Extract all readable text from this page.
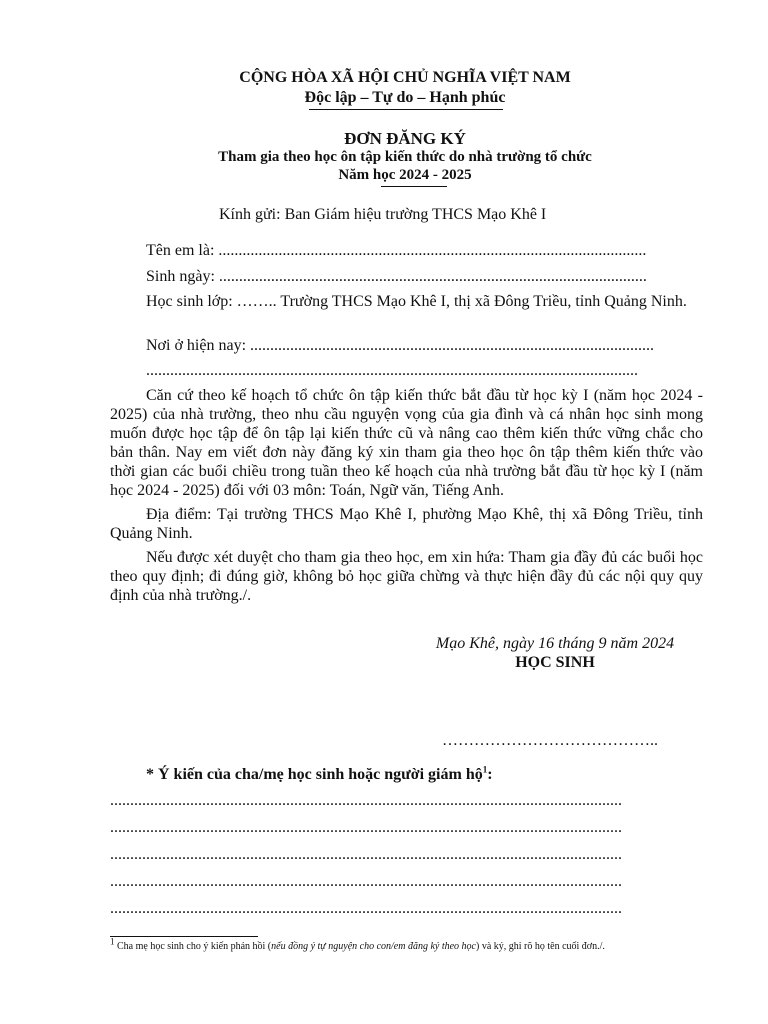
CỘNG HÒA XÃ HỘI CHỦ NGHĨA VIỆT NAM
Độc lập – Tự do – Hạnh phúc
ĐƠN ĐĂNG KÝ
Tham gia theo học ôn tập kiến thức do nhà trường tổ chức
Năm học 2024 - 2025
Kính gửi: Ban Giám hiệu trường THCS Mạo Khê I
Tên em là: ...........................................................................................................
Sinh ngày: ...........................................................................................................
Học sinh lớp: …….. Trường THCS Mạo Khê I, thị xã Đông Triều, tỉnh Quảng Ninh.
Nơi ở hiện nay: .....................................................................................................
...........................................................................................................................
Căn cứ theo kế hoạch tổ chức ôn tập kiến thức bắt đầu từ học kỳ I (năm học 2024 - 2025) của nhà trường, theo nhu cầu nguyện vọng của gia đình và cá nhân học sinh mong muốn được học tập để ôn tập lại kiến thức cũ và nâng cao thêm kiến thức vững chắc cho bản thân. Nay em viết đơn này đăng ký xin tham gia theo học ôn tập thêm kiến thức vào thời gian các buổi chiều trong tuần theo kế hoạch của nhà trường bắt đầu từ học kỳ I (năm học 2024 - 2025) đối với 03 môn: Toán, Ngữ văn, Tiếng Anh.
Địa điểm: Tại trường THCS Mạo Khê I, phường Mạo Khê, thị xã Đông Triều, tỉnh Quảng Ninh.
Nếu được xét duyệt cho tham gia theo học, em xin hứa: Tham gia đầy đủ các buổi học theo quy định; đi đúng giờ, không bỏ học giữa chừng và thực hiện đầy đủ các nội quy quy định của nhà trường./.
Mạo Khê, ngày 16 tháng 9 năm 2024
HỌC SINH
…………………………………..
* Ý kiến của cha/mẹ học sinh hoặc người giám hộ$^1$:
................................................................................................................................
................................................................................................................................
................................................................................................................................
................................................................................................................................
................................................................................................................................
$^1$ Cha mẹ học sinh cho ý kiến phản hồi (nếu đồng ý tự nguyện cho con/em đăng ký theo học) và ký, ghi rõ họ tên cuối đơn./.
